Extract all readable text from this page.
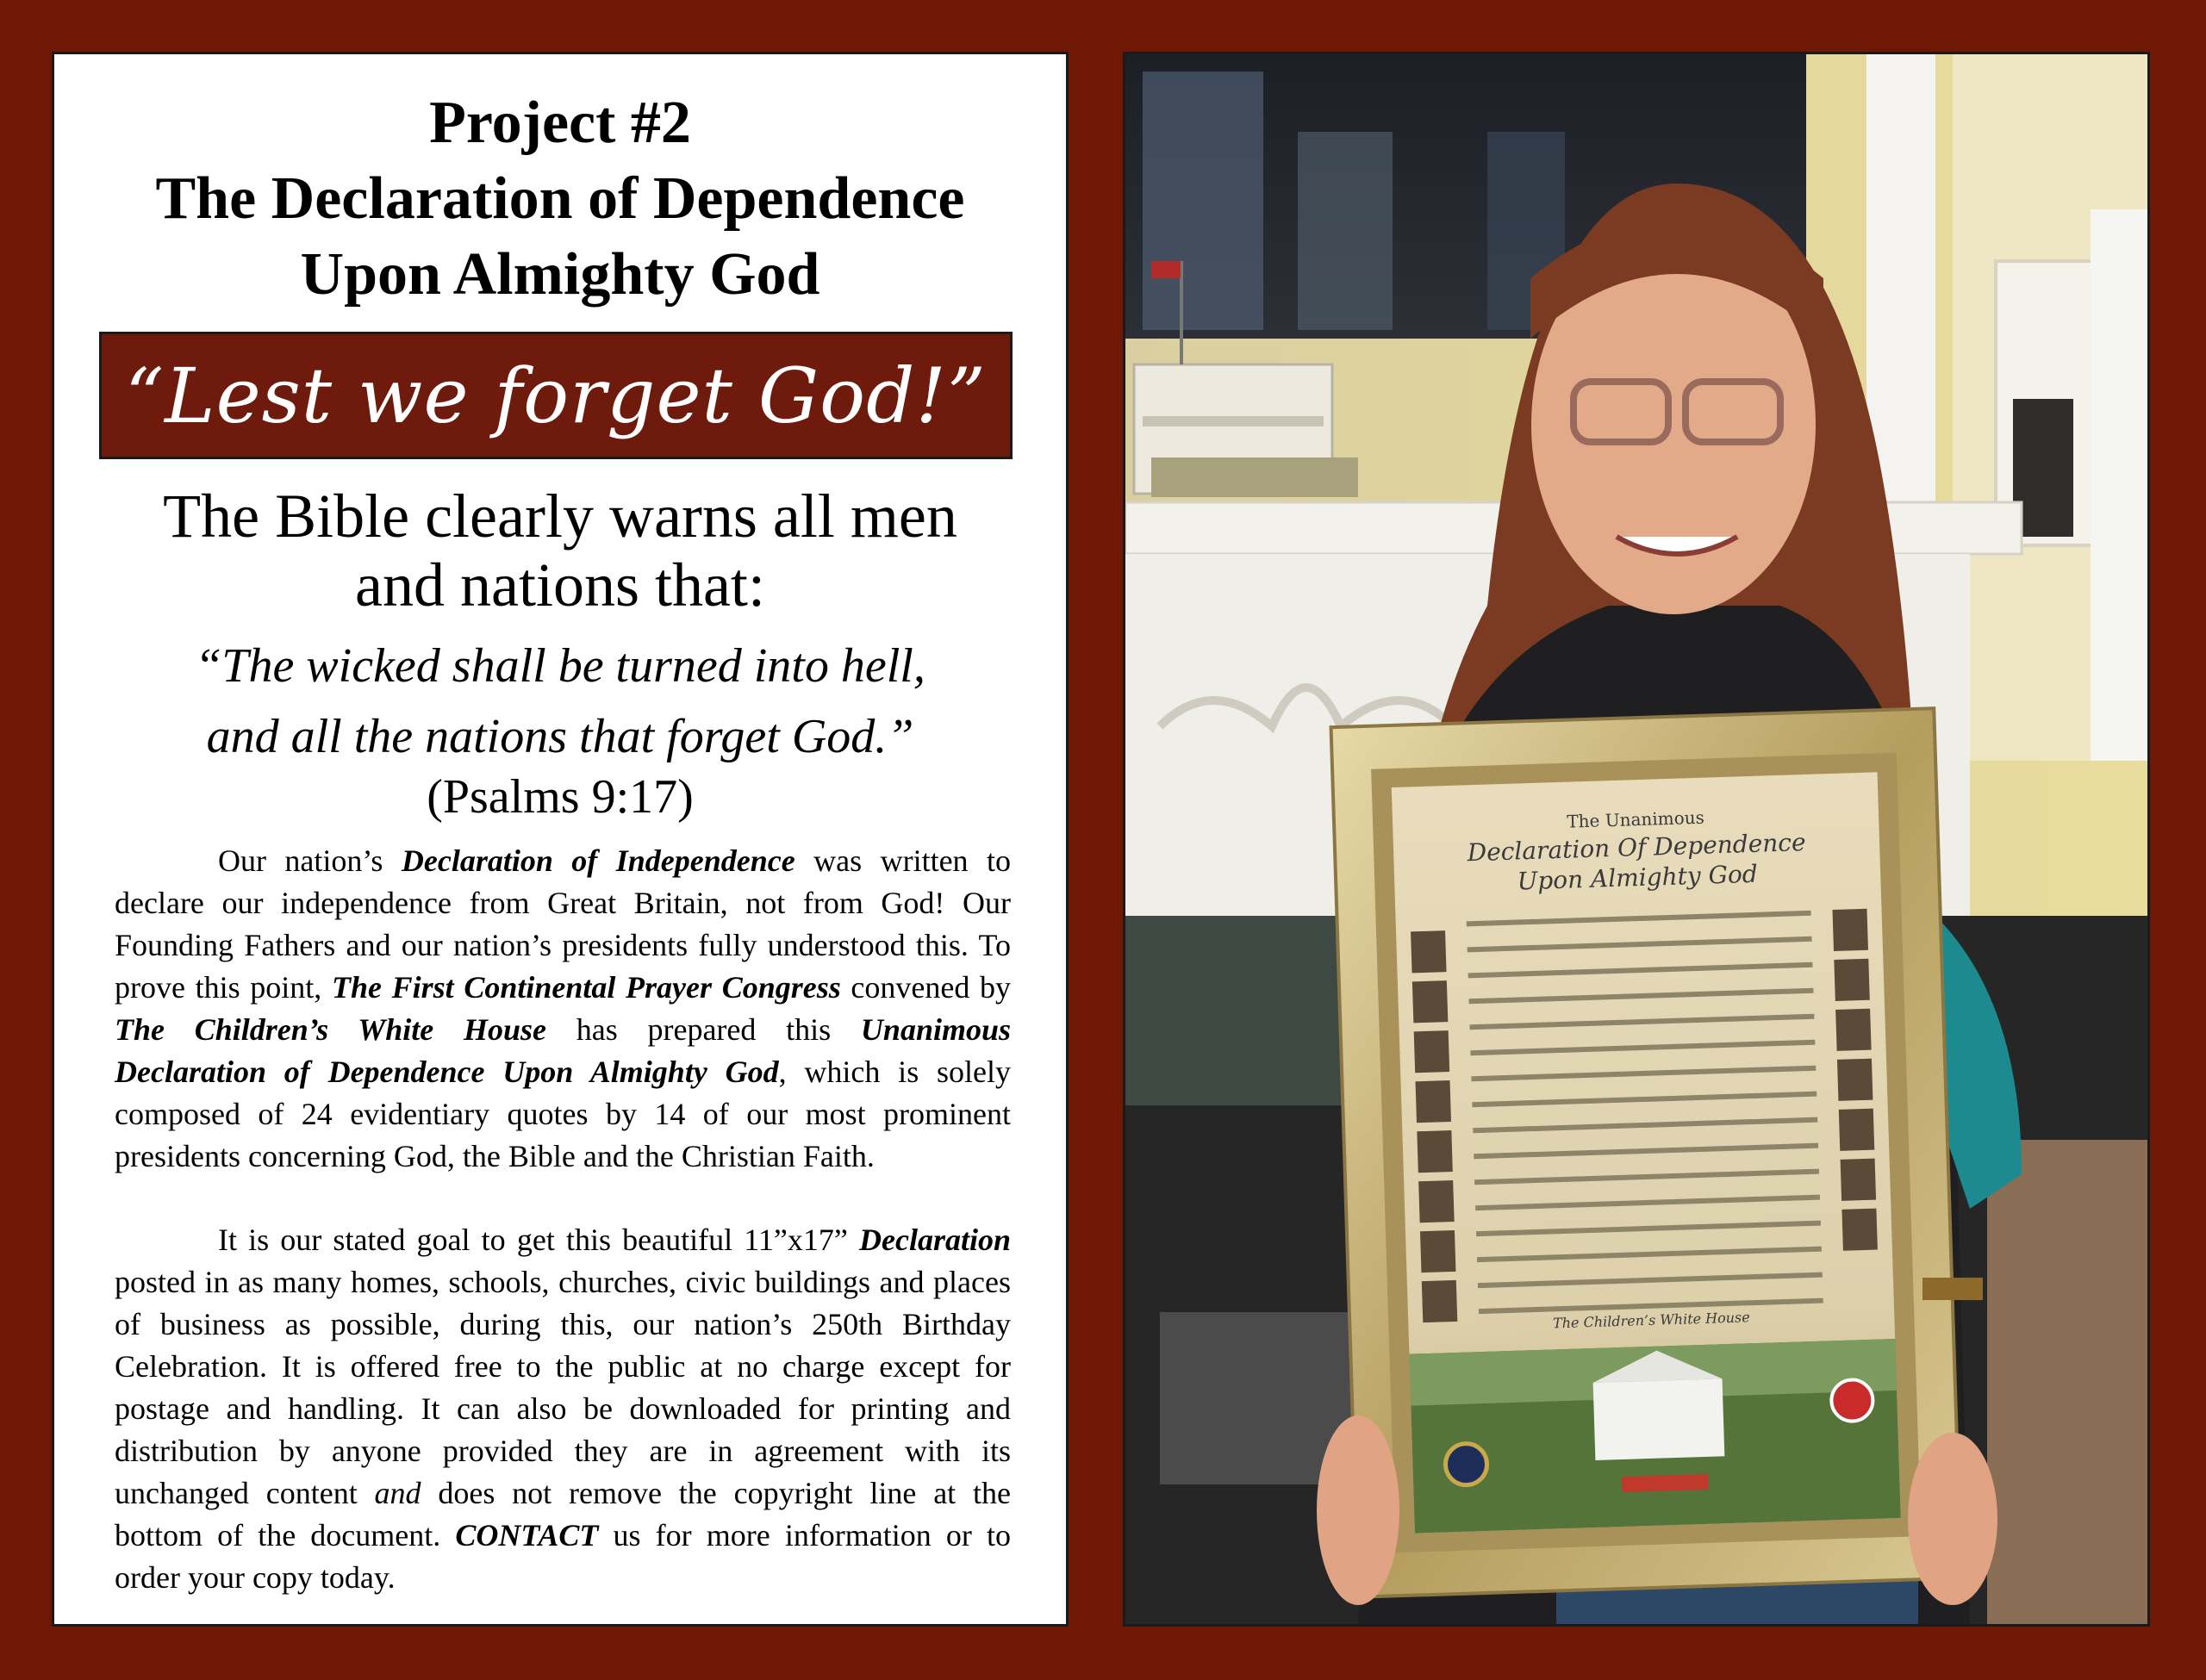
Project #2
The Declaration of Dependence
Upon Almighty God
“Lest we forget God!”
The Bible clearly warns all men
and nations that:
“The wicked shall be turned into hell,
and all the nations that forget God.”
(Psalms 9:17)

Our nation’s Declaration of Independence was written to declare our independence from Great Britain, not from God! Our Founding Fathers and our nation’s presidents fully understood this. To prove this point, The First Continental Prayer Congress convened by The Children’s White House has prepared this Unanimous Declaration of Dependence Upon Almighty God, which is solely composed of 24 evidentiary quotes by 14 of our most prominent presidents concerning God, the Bible and the Christian Faith.

It is our stated goal to get this beautiful 11”x17” Declaration posted in as many homes, schools, churches, civic buildings and places of business as possible, during this, our nation’s 250th Birthday Celebration. It is offered free to the public at no charge except for postage and handling. It can also be downloaded for printing and distribution by anyone provided they are in agreement with its unchanged content and does not remove the copyright line at the bottom of the document. CONTACT us for more information or to order your copy today.

The Unanimous
Declaration Of Dependence
Upon Almighty God
The Children’s White House
